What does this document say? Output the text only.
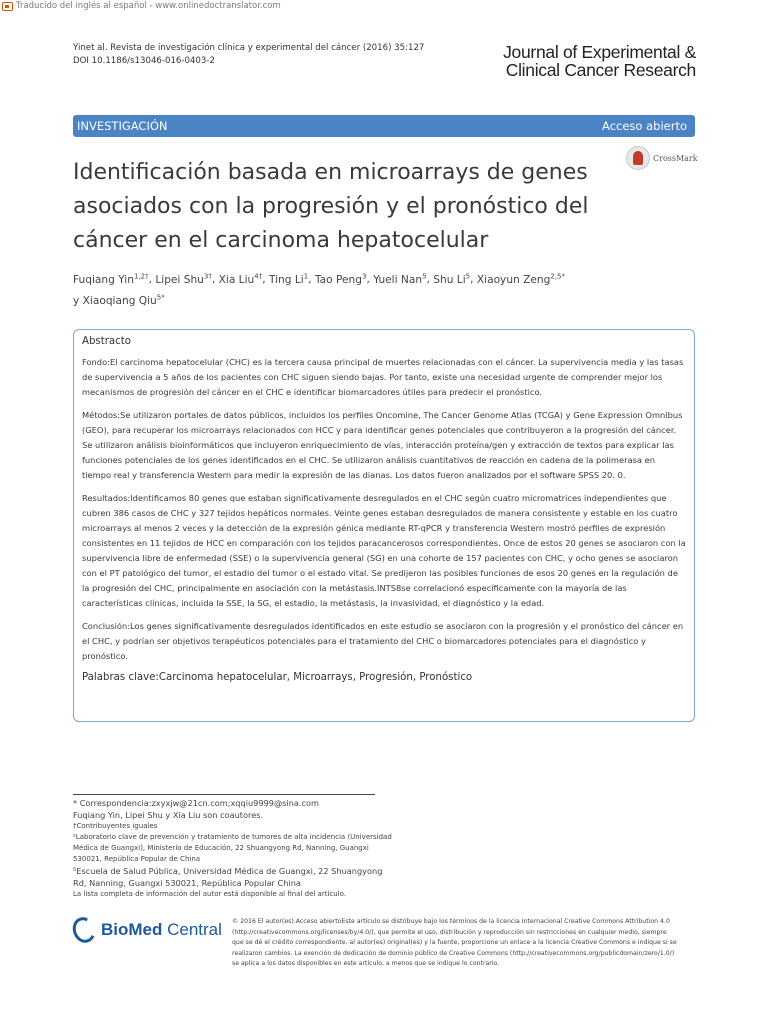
Traducido del inglés al español - www.onlinedoctranslator.com
Yinet al. Revista de investigación clínica y experimental del cáncer (2016) 35:127
DOI 10.1186/s13046-016-0403-2	Journal of Experimental &
Clinical Cancer Research
INVESTIGACIÓN	Acceso abierto
CrossMark
Identificación basada en microarrays de genes asociados con la progresión y el pronóstico del cáncer en el carcinoma hepatocelular
Fuqiang Yin$^{1,2\dagger}$, Lipei Shu$^{3\dagger}$, Xia Liu$^{4\dagger}$, Ting Li$^1$, Tao Peng$^3$, Yueli Nan$^5$, Shu Li$^5$, Xiaoyun Zeng$^{2,5*}$
y Xiaoqiang Qiu$^{5*}$
Abstracto

Fondo:El carcinoma hepatocelular (CHC) es la tercera causa principal de muertes relacionadas con el cáncer. La supervivencia media y las tasas de supervivencia a 5 años de los pacientes con CHC siguen siendo bajas. Por tanto, existe una necesidad urgente de comprender mejor los mecanismos de progresión del cáncer en el CHC e identificar biomarcadores útiles para predecir el pronóstico.

Métodos:Se utilizaron portales de datos públicos, incluidos los perfiles Oncomine, The Cancer Genome Atlas (TCGA) y Gene Expression Omnibus (GEO), para recuperar los microarrays relacionados con HCC y para identificar genes potenciales que contribuyeron a la progresión del cáncer. Se utilizaron análisis bioinformáticos que incluyeron enriquecimiento de vías, interacción proteína/gen y extracción de textos para explicar las funciones potenciales de los genes identificados en el CHC. Se utilizaron análisis cuantitativos de reacción en cadena de la polimerasa en tiempo real y transferencia Western para medir la expresión de las dianas. Los datos fueron analizados por el software SPSS 20. 0.

Resultados:Identificamos 80 genes que estaban significativamente desregulados en el CHC según cuatro micromatrices independientes que cubren 386 casos de CHC y 327 tejidos hepáticos normales. Veinte genes estaban desregulados de manera consistente y estable en los cuatro microarrays al menos 2 veces y la detección de la expresión génica mediante RT-qPCR y transferencia Western mostró perfiles de expresión consistentes en 11 tejidos de HCC en comparación con los tejidos paracancerosos correspondientes. Once de estos 20 genes se asociaron con la supervivencia libre de enfermedad (SSE) o la supervivencia general (SG) en una cohorte de 157 pacientes con CHC, y ocho genes se asociaron con el PT patológico del tumor, el estadio del tumor o el estado vital. Se predijeron las posibles funciones de esos 20 genes en la regulación de la progresión del CHC, principalmente en asociación con la metástasis.INTS8se correlacionó específicamente con la mayoría de las características clínicas, incluida la SSE, la SG, el estadio, la metástasis, la invasividad, el diagnóstico y la edad.

Conclusión:Los genes significativamente desregulados identificados en este estudio se asociaron con la progresión y el pronóstico del cáncer en el CHC, y podrían ser objetivos terapéuticos potenciales para el tratamiento del CHC o biomarcadores potenciales para el diagnóstico y pronóstico.

Palabras clave:Carcinoma hepatocelular, Microarrays, Progresión, Pronóstico
* Correspondencia:zxyxjw@21cn.com;xqqiu9999@sina.com
Fuqiang Yin, Lipei Shu y Xia Liu son coautores.
†Contribuyentes iguales
²Laboratorio clave de prevención y tratamiento de tumores de alta incidencia (Universidad Médica de Guangxi), Ministerio de Educación, 22 Shuangyong Rd, Nanning, Guangxi 530021, República Popular de China
⁵Escuela de Salud Pública, Universidad Médica de Guangxi, 22 Shuangyong Rd, Nanning, Guangxi 530021, República Popular China
La lista completa de información del autor está disponible al final del artículo.
BioMed Central © 2016 El autor(es).Acceso abiertoEste artículo se distribuye bajo los términos de la licencia Internacional Creative Commons Attribution 4.0 (http://creativecommons.org/licenses/by/4.0/), que permite el uso, distribución y reproducción sin restricciones en cualquier medio, siempre que se dé el crédito correspondiente. al autor(es) original(es) y la fuente, proporcione un enlace a la licencia Creative Commons e indique si se realizaron cambios. La exención de dedicación de dominio público de Creative Commons (http://creativecommons.org/publicdomain/zero/1.0/) se aplica a los datos disponibles en este artículo, a menos que se indique lo contrario.
